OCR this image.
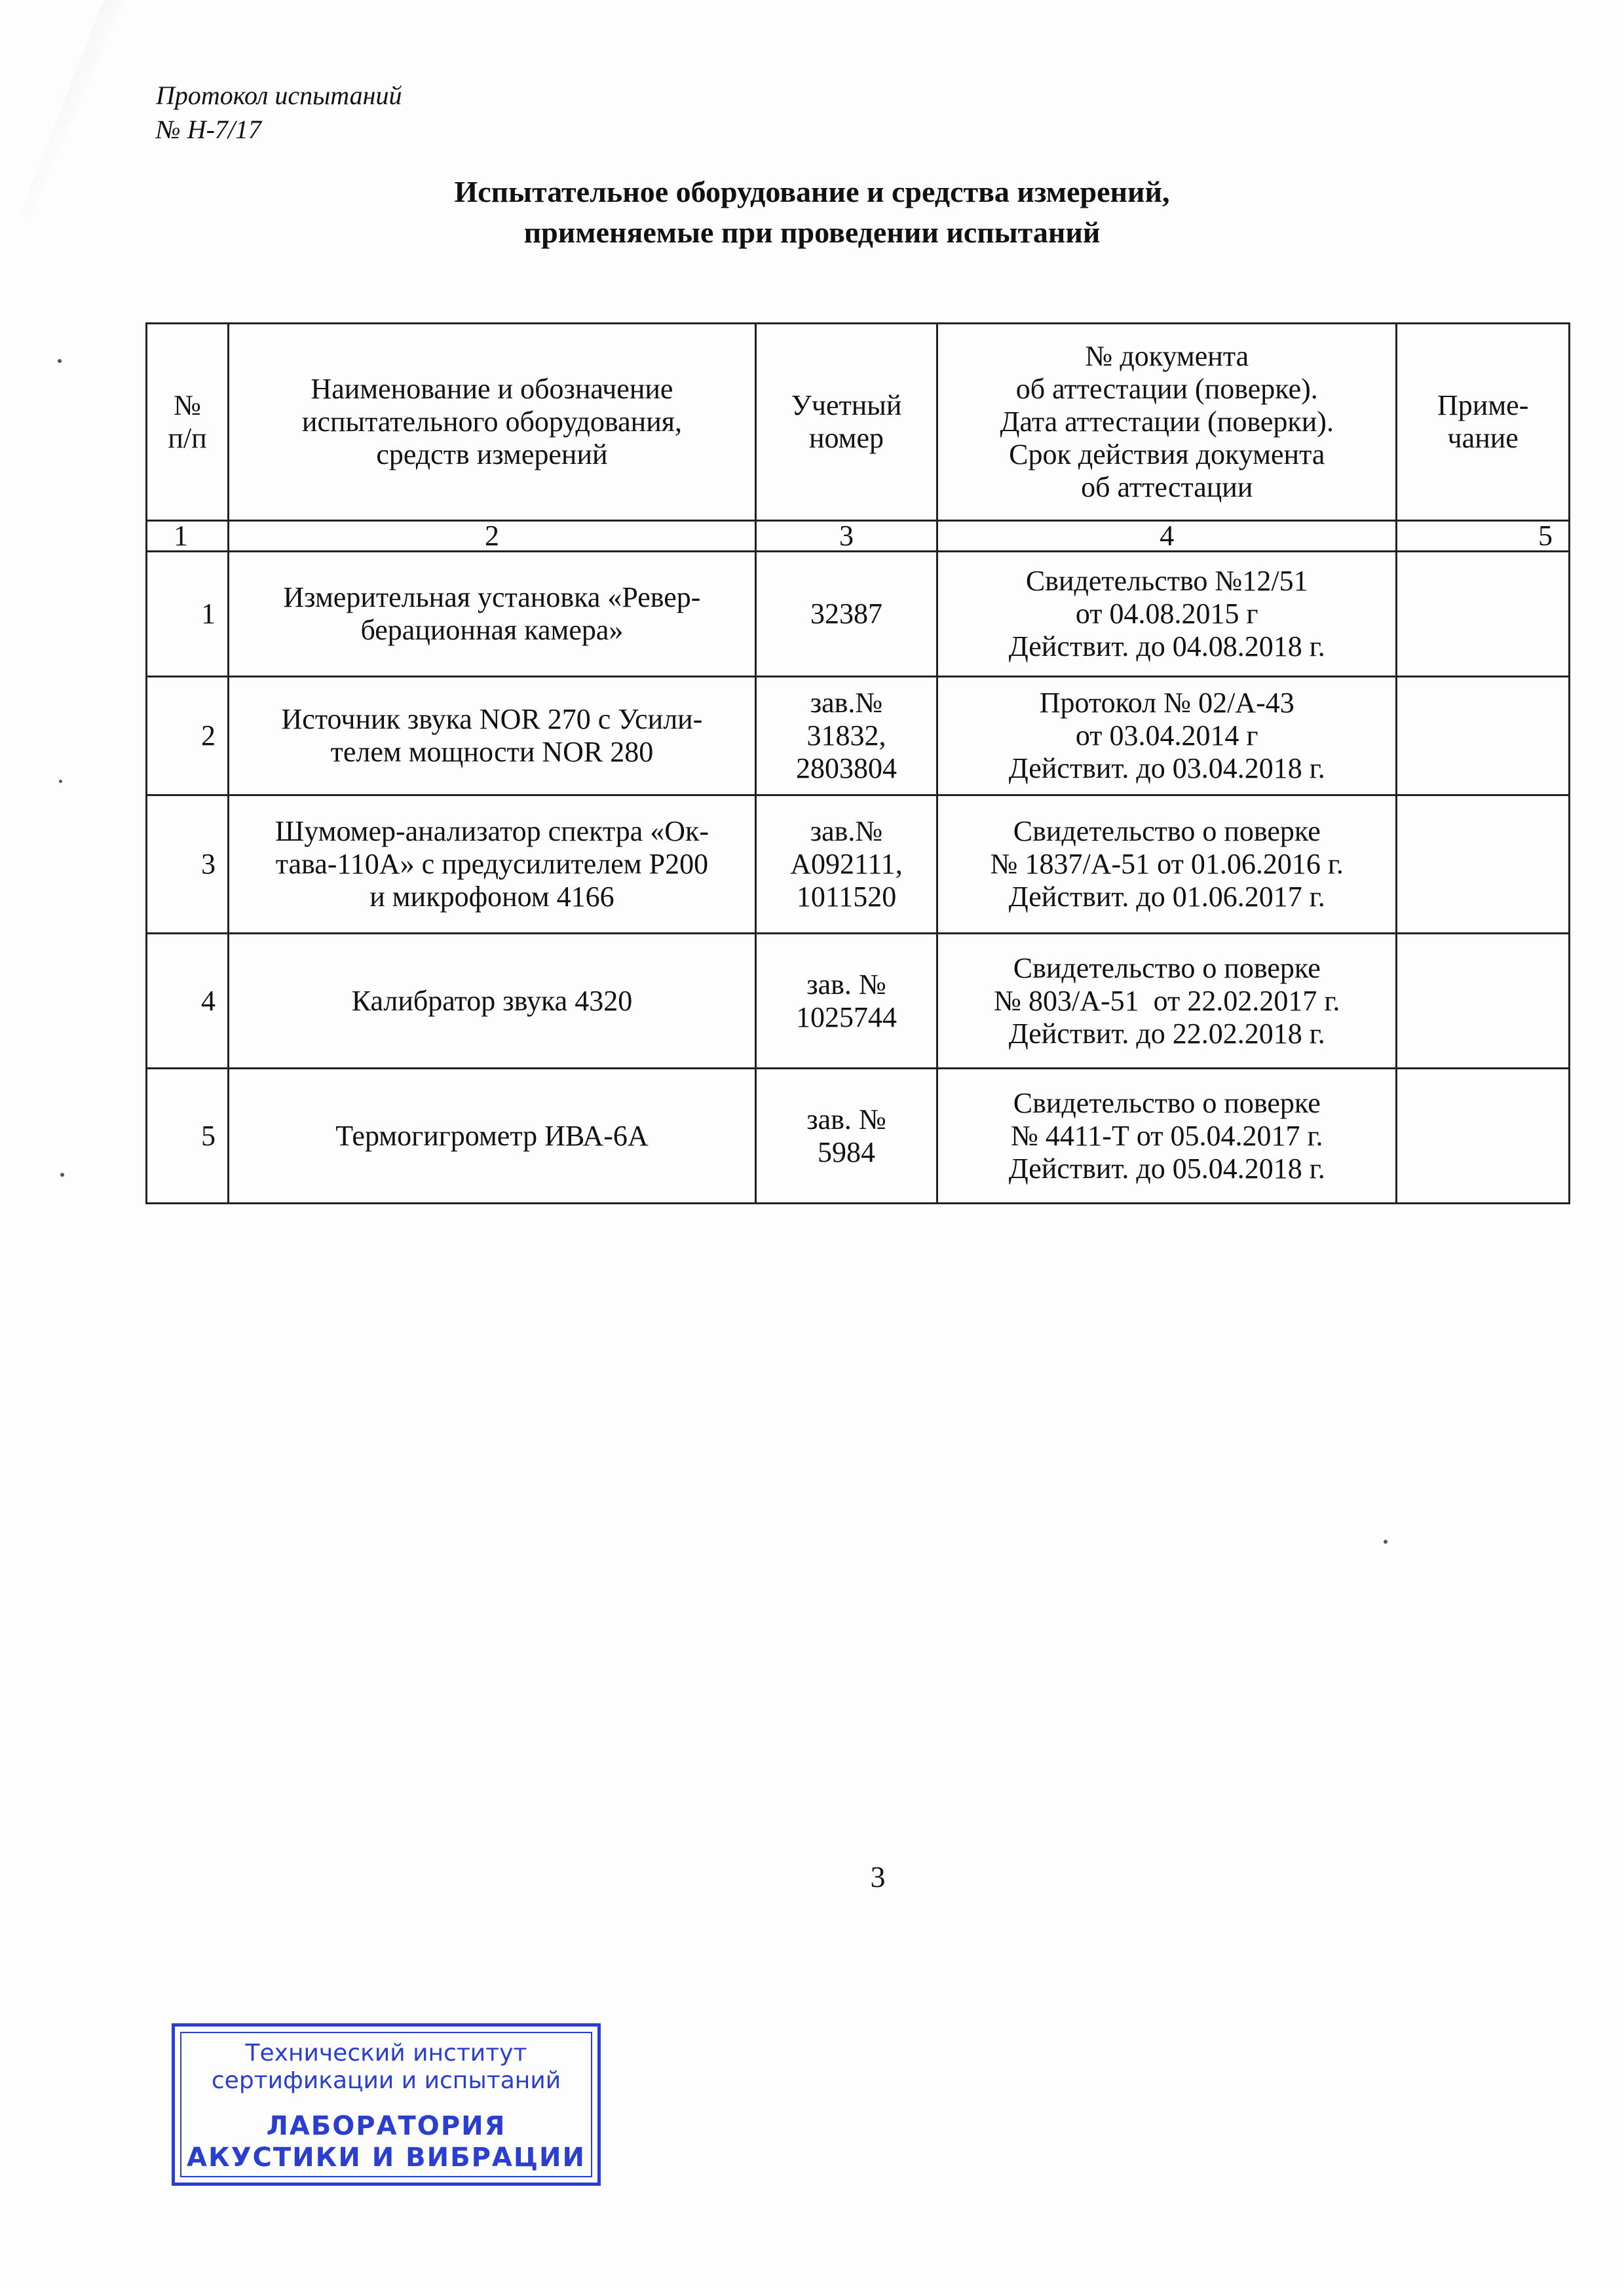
Протокол испытаний
№ Н-7/17
Испытательное оборудование и средства измерений,
применяемые при проведении испытаний
№
п/п	Наименование и обозначение
испытательного оборудования,
средств измерений	Учетный
номер	№ документа
об аттестации (поверке).
Дата аттестации (поверки).
Срок действия документа
об аттестации	Приме-
чание

1	2	3	4	5
1	Измерительная установка «Ревер-
берационная камера»	32387	Свидетельство №12/51
от 04.08.2015 г
Действит. до 04.08.2018 г.	

2	Источник звука NOR 270 с Усили-
телем мощности NOR 280	зав.№
31832,
2803804	Протокол № 02/А-43
от 03.04.2014 г
Действит. до 03.04.2018 г.	

3	Шумомер-анализатор спектра «Ок-
тава-110А» с предусилителем Р200
и микрофоном 4166	зав.№
А092111,
1011520	Свидетельство о поверке
№ 1837/А-51 от 01.06.2016 г.
Действит. до 01.06.2017 г.	

4	Калибратор звука 4320	зав. №
1025744	Свидетельство о поверке
№ 803/А-51  от 22.02.2017 г.
Действит. до 22.02.2018 г.	

5	Термогигрометр ИВА-6А	зав. №
5984	Свидетельство о поверке
№ 4411-Т от 05.04.2017 г.
Действит. до 05.04.2018 г.	

3
Технический институт
сертификации и испытаний
ЛАБОРАТОРИЯ
АКУСТИКИ И ВИБРАЦИИ
